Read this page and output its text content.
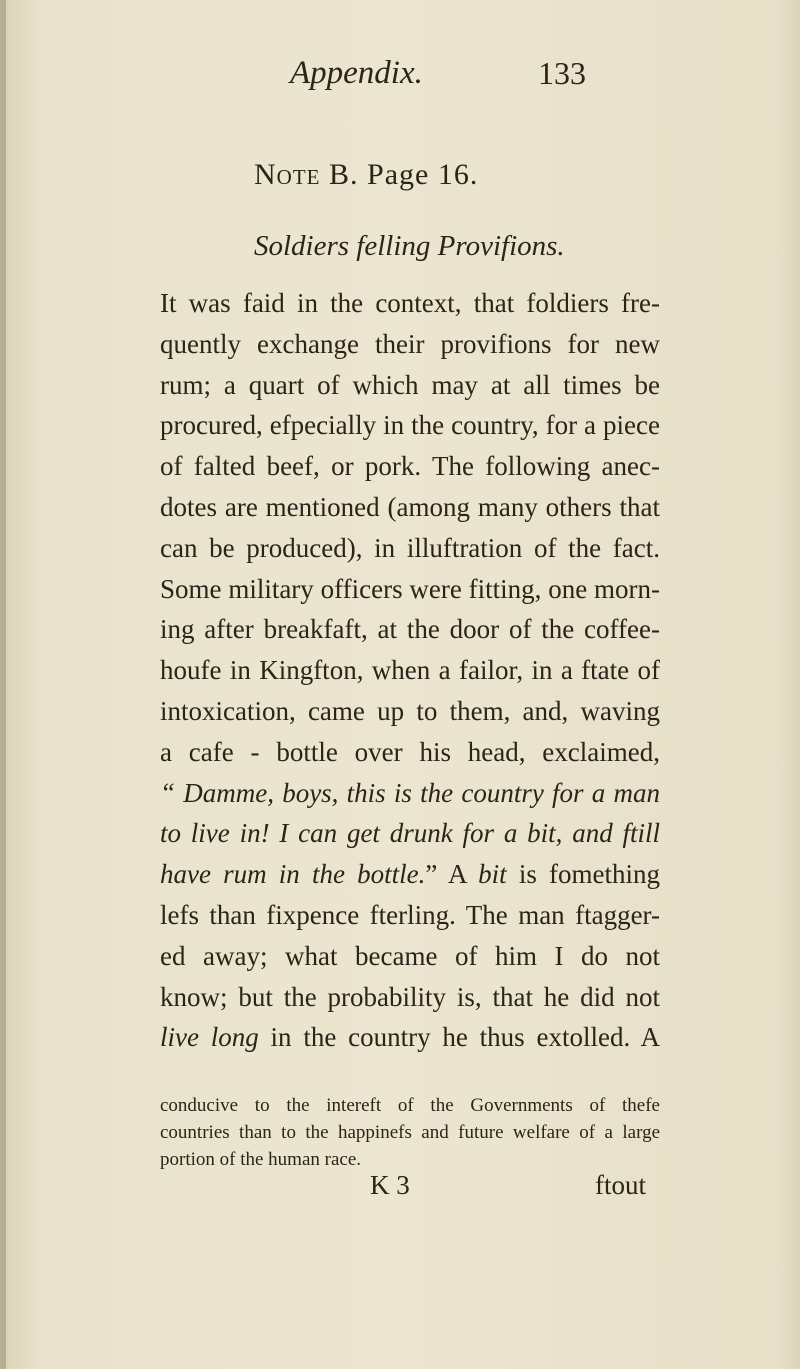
Appendix.	133
Note B. Page 16.
Soldiers felling Provifions.
It was faid in the context, that foldiers fre-
quently exchange their provifions for new
rum; a quart of which may at all times be
procured, efpecially in the country, for a piece
of falted beef, or pork. The following anec-
dotes are mentioned (among many others that
can be produced), in illuftration of the fact.
Some military officers were fitting, one morn-
ing after breakfaft, at the door of the coffee-
houfe in Kingfton, when a failor, in a ftate of
intoxication, came up to them, and, waving
a cafe - bottle over his head, exclaimed,
“ Damme, boys, this is the country for a man
to live in! I can get drunk for a bit, and ftill
have rum in the bottle.” A bit is fomething
lefs than fixpence fterling. The man ftagger-
ed away; what became of him I do not
know; but the probability is, that he did not
live long in the country he thus extolled. A
conducive to the intereft of the Governments of thefe
countries than to the happinefs and future welfare of a large
portion of the human race.
K 3	ftout
